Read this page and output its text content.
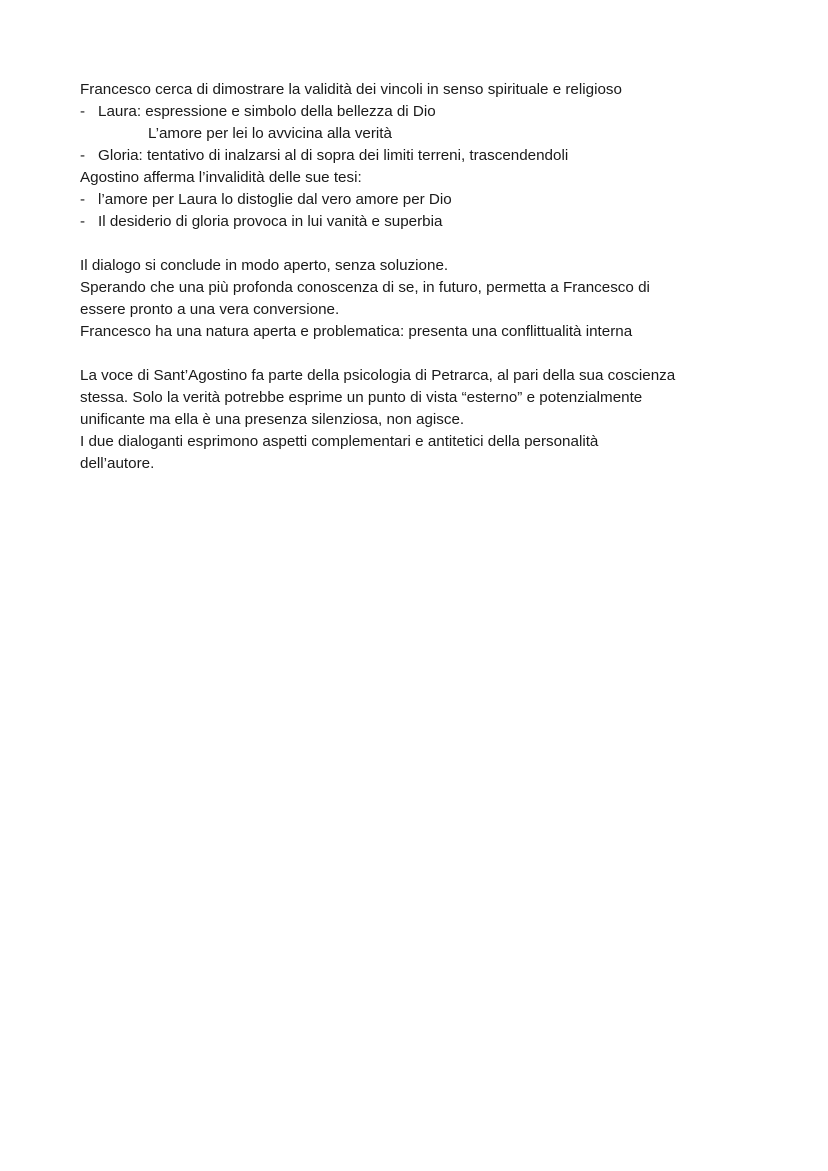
Francesco cerca di dimostrare la validità dei vincoli in senso spirituale e religioso
- Laura: espressione e simbolo della bellezza di Dio
L’amore per lei lo avvicina alla verità
- Gloria: tentativo di inalzarsi al di sopra dei limiti terreni, trascendendoli
Agostino afferma l’invalidità delle sue tesi:
- l’amore per Laura lo distoglie dal vero amore per Dio
- Il desiderio di gloria provoca in lui vanità e superbia
Il dialogo si conclude in modo aperto, senza soluzione.
Sperando che una più profonda conoscenza di se, in futuro, permetta a Francesco di
essere pronto a una vera conversione.
Francesco ha una natura aperta e problematica: presenta una conflittualità interna
La voce di Sant’Agostino fa parte della psicologia di Petrarca, al pari della sua coscienza
stessa. Solo la verità potrebbe esprime un punto di vista “esterno” e potenzialmente
unificante ma ella è una presenza silenziosa, non agisce.
I due dialoganti esprimono aspetti complementari e antitetici della personalità
dell’autore.
